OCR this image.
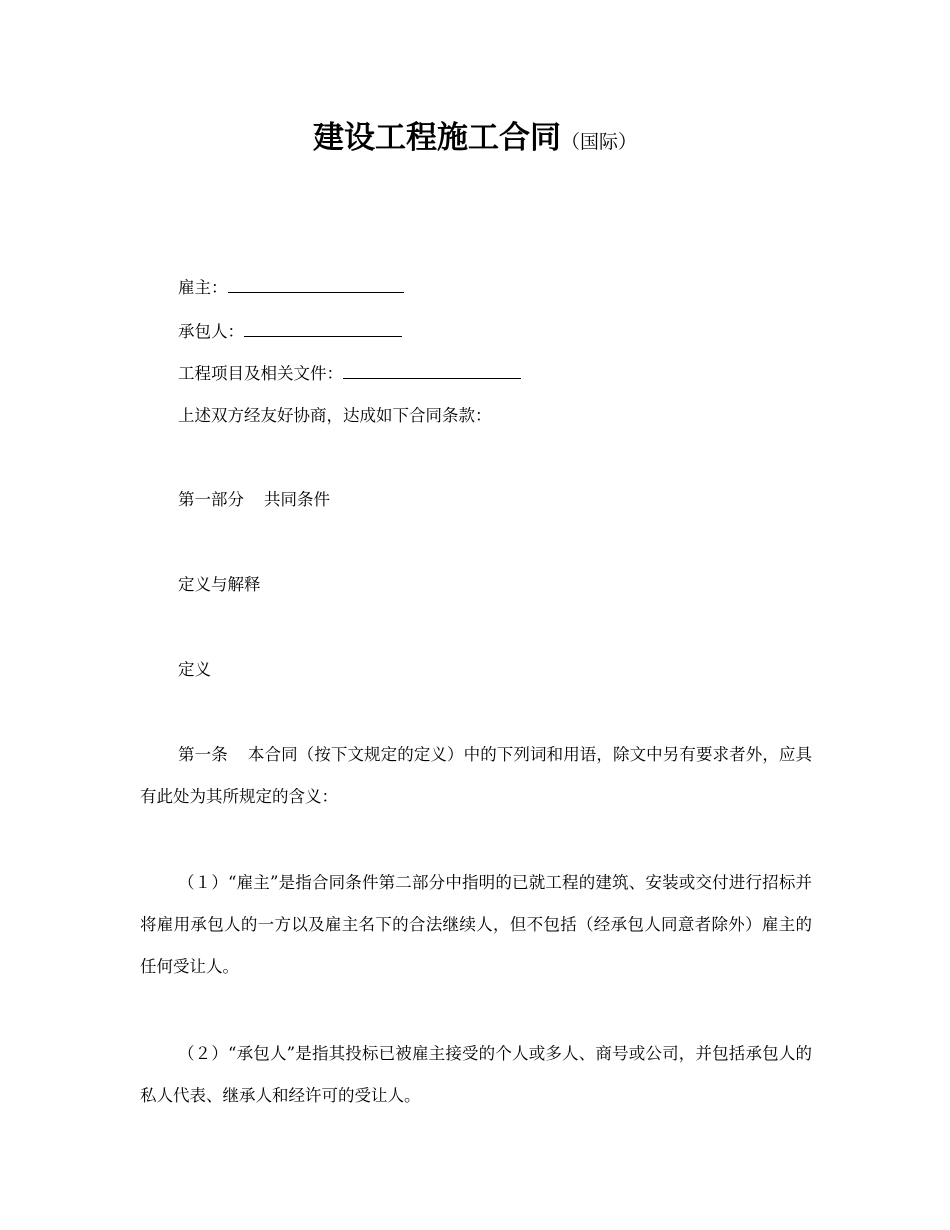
建设工程施工合同（国际）
雇主：
承包人：
工程项目及相关文件：
上述双方经友好协商，达成如下合同条款：
第一部分 共同条件
定义与解释
定义
第一条 本合同（按下文规定的定义）中的下列词和用语，除文中另有要求者外，应具有此处为其所规定的含义：
（１）“雇主”是指合同条件第二部分中指明的已就工程的建筑、安装或交付进行招标并将雇用承包人的一方以及雇主名下的合法继续人，但不包括（经承包人同意者除外）雇主的任何受让人。
（２）“承包人”是指其投标已被雇主接受的个人或多人、商号或公司，并包括承包人的私人代表、继承人和经许可的受让人。
